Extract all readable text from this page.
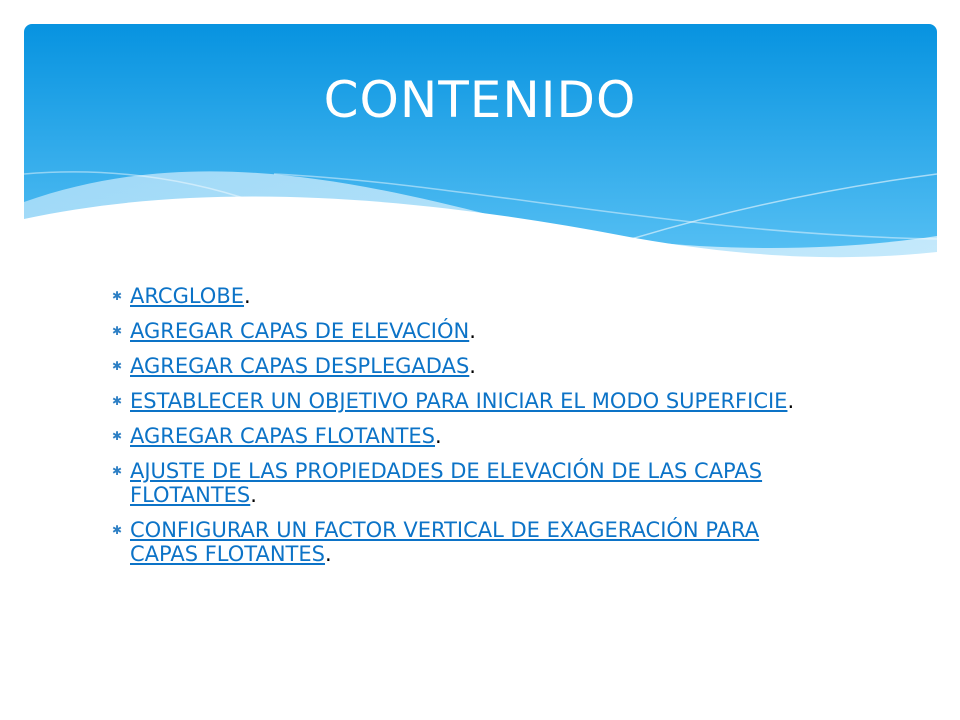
CONTENIDO
✱ ARCGLOBE.
✱ AGREGAR CAPAS DE ELEVACIÓN.
✱ AGREGAR CAPAS DESPLEGADAS.
✱ ESTABLECER UN OBJETIVO PARA INICIAR EL MODO SUPERFICIE.
✱ AGREGAR CAPAS FLOTANTES.
✱ AJUSTE DE LAS PROPIEDADES DE ELEVACIÓN DE LAS CAPAS FLOTANTES.
✱ CONFIGURAR UN FACTOR VERTICAL DE EXAGERACIÓN PARA CAPAS FLOTANTES.
